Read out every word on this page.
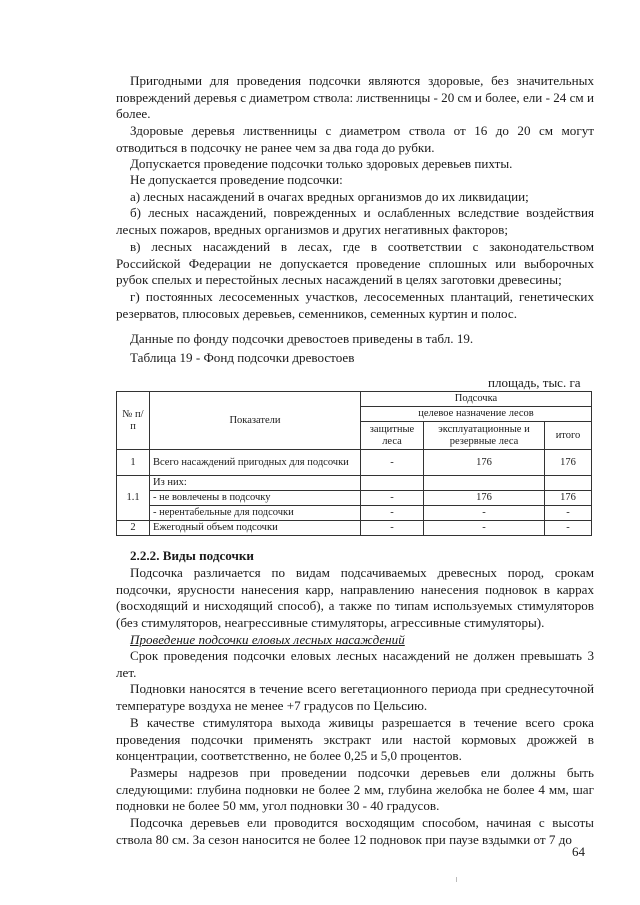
Пригодными для проведения подсочки являются здоровые, без значительных повреждений деревья с диаметром ствола: лиственницы - 20 см и более, ели - 24 см и более.
Здоровые деревья лиственницы с диаметром ствола от 16 до 20 см могут отводиться в подсочку не ранее чем за два года до рубки.
Допускается проведение подсочки только здоровых деревьев пихты.
Не допускается проведение подсочки:
а) лесных насаждений в очагах вредных организмов до их ликвидации;
б) лесных насаждений, поврежденных и ослабленных вследствие воздействия лесных пожаров, вредных организмов и других негативных факторов;
в) лесных насаждений в лесах, где в соответствии с законодательством Российской Федерации не допускается проведение сплошных или выборочных рубок спелых и перестойных лесных насаждений в целях заготовки древесины;
г) постоянных лесосеменных участков, лесосеменных плантаций, генетических резерватов, плюсовых деревьев, семенников, семенных куртин и полос.
Данные по фонду подсочки древостоев приведены в табл. 19.
Таблица 19 - Фонд подсочки древостоев
площадь, тыс. га
№ п/п	Показатели	Подсочка		
		целевое назначение лесов		
		защитные леса	эксплуатационные и резервные леса	итого
1	Всего насаждений пригодных для подсочки	-	176	176
1.1	Из них:			
	- не вовлечены в подсочку	-	176	176
	- нерентабельные для подсочки	-	-	-
2	Ежегодный объем подсочки	-	-	-
2.2.2. Виды подсочки
Подсочка различается по видам подсачиваемых древесных пород, срокам подсочки, ярусности нанесения карр, направлению нанесения подновок в каррах (восходящий и нисходящий способ), а также по типам используемых стимуляторов (без стимуляторов, неагрессивные стимуляторы, агрессивные стимуляторы).
Проведение подсочки еловых лесных насаждений
Срок проведения подсочки еловых лесных насаждений не должен превышать 3 лет.
Подновки наносятся в течение всего вегетационного периода при среднесуточной температуре воздуха не менее +7 градусов по Цельсию.
В качестве стимулятора выхода живицы разрешается в течение всего срока проведения подсочки применять экстракт или настой кормовых дрожжей в концентрации, соответственно, не более 0,25 и 5,0 процентов.
Размеры надрезов при проведении подсочки деревьев ели должны быть следующими: глубина подновки не более 2 мм, глубина желобка не более 4 мм, шаг подновки не более 50 мм, угол подновки 30 - 40 градусов.
Подсочка деревьев ели проводится восходящим способом, начиная с высоты ствола 80 см. За сезон наносится не более 12 подновок при паузе вздымки от 7 до
64
